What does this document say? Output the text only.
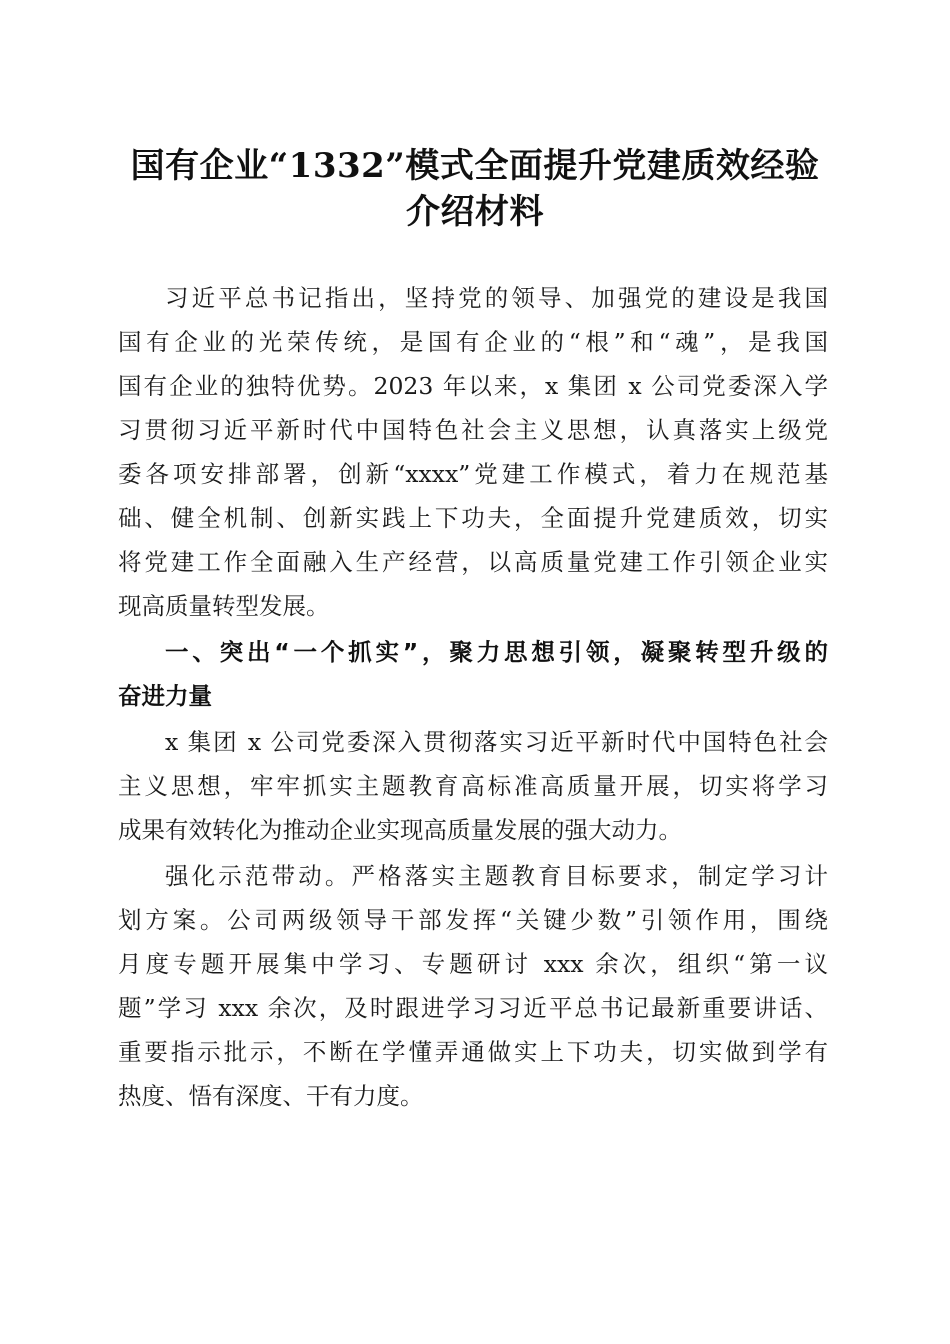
国有企业“1332”模式全面提升党建质效经验
介绍材料

习近平总书记指出，坚持党的领导、加强党的建设是我国

国有企业的光荣传统，是国有企业的“根”和“魂”，是我国

国有企业的独特优势。2023 年以来，x 集团 x 公司党委深入学

习贯彻习近平新时代中国特色社会主义思想，认真落实上级党

委各项安排部署，创新“xxxx”党建工作模式，着力在规范基

础、健全机制、创新实践上下功夫，全面提升党建质效，切实

将党建工作全面融入生产经营，以高质量党建工作引领企业实

现高质量转型发展。

一、突出“一个抓实”，聚力思想引领，凝聚转型升级的

奋进力量

x 集团 x 公司党委深入贯彻落实习近平新时代中国特色社会

主义思想，牢牢抓实主题教育高标准高质量开展，切实将学习

成果有效转化为推动企业实现高质量发展的强大动力。

强化示范带动。严格落实主题教育目标要求，制定学习计

划方案。公司两级领导干部发挥“关键少数”引领作用，围绕

月度专题开展集中学习、专题研讨 xxx 余次，组织“第一议

题”学习 xxx 余次，及时跟进学习习近平总书记最新重要讲话、

重要指示批示，不断在学懂弄通做实上下功夫，切实做到学有

热度、悟有深度、干有力度。
